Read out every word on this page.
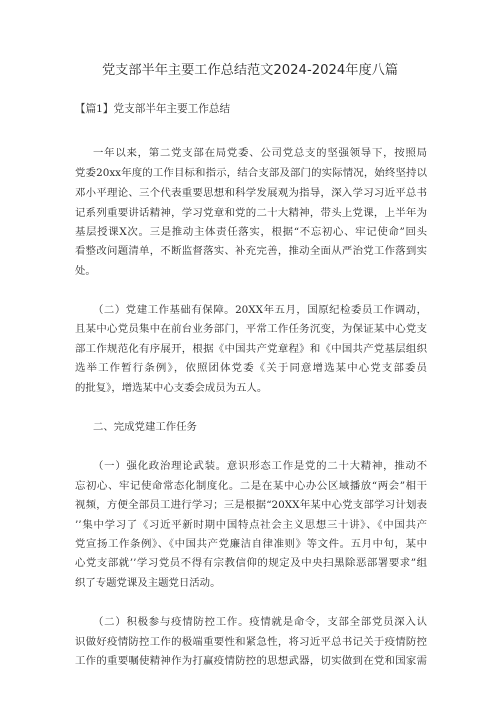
党支部半年主要工作总结范文2024-2024年度八篇
【篇1】党支部半年主要工作总结
一年以来，第二党支部在局党委、公司党总支的坚强领导下，按照局
党委20xx年度的工作目标和指示，结合支部及部门的实际情况，始终坚持以
邓小平理论、三个代表重要思想和科学发展观为指导，深入学习习近平总书
记系列重要讲话精神，学习党章和党的二十大精神，带头上党课，上半年为
基层授课X次。三是推动主体责任落实，根据“不忘初心、牢记使命”回头
看整改问题清单，不断监督落实、补充完善，推动全面从严治党工作落到实
处。
（二）党建工作基础有保障。20XX年五月，国原纪检委员工作调动，
且某中心党员集中在前台业务部门，平常工作任务沉变，为保证某中心党支
部工作规范化有序展开，根据《中国共产党章程》和《中国共产党基层组织
选举工作暂行条例》，依照团体党委《关于同意增选某中心党支部委员
的批复》，增选某中心支委会成员为五人。
二、完成党建工作任务
（一）强化政治理论武装。意识形态工作是党的二十大精神，推动不
忘初心、牢记使命常态化制度化。二是在某中心办公区域播放“两会”相干
视频，方便全部员工进行学习；三是根据“20XX年某中心党支部学习计划表
’’集中学习了《习近平新时期中国特点社会主义思想三十讲》、《中国共产
党宣扬工作条例》、《中国共产党廉洁自律准则》等文件。五月中旬，某中
心党支部就’’学习党员不得有宗教信仰的规定及中央扫黑除恶部署要求”组
织了专题党课及主题党日活动。
（二）积极参与疫情防控工作。疫情就是命令，支部全部党员深入认
识做好疫情防控工作的极端重要性和紧急性，将习近平总书记关于疫情防控
工作的重要嘱使精神作为打赢疫情防控的思想武器，切实做到在党和国家需
